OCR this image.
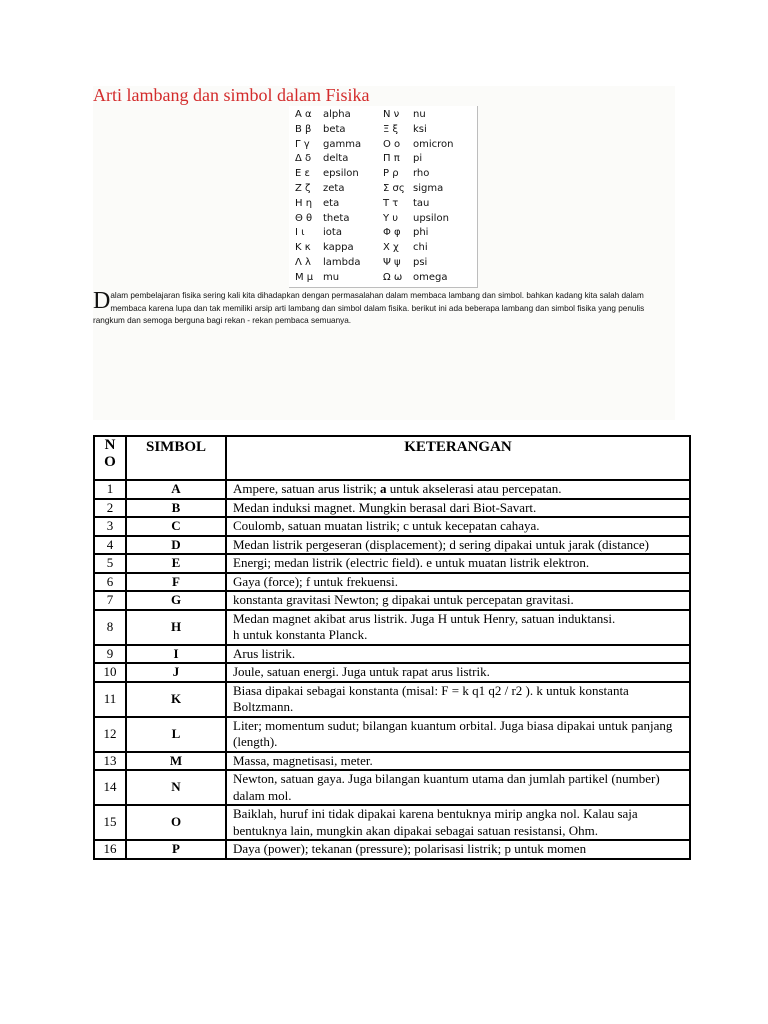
Arti lambang dan simbol dalam Fisika
Α α alpha	Ν ν nu
Β β beta	Ξ ξ ksi
Γ γ gamma Ο ο omicron
Δ δ delta	Π π pi
Ε ε epsilon Ρ ρ rho
Ζ ζ zeta	Σ σς sigma
Η η eta	Τ τ tau
Θ θ theta	Υ υ upsilon
Ι ι iota	Φ φ phi
Κ κ kappa	Χ χ chi
Λ λ lambda Ψ ψ psi
Μ μ mu	Ω ω omega
Dalam pembelajaran fisika sering kali kita dihadapkan dengan permasalahan dalam membaca lambang dan simbol. bahkan kadang kita salah dalam membaca karena lupa dan tak memiliki arsip arti lambang dan simbol dalam fisika. berikut ini ada beberapa lambang dan simbol fisika yang penulis rangkum dan semoga berguna bagi rekan - rekan pembaca semuanya.
N
O	SIMBOL	KETERANGAN
1	A	Ampere, satuan arus listrik; a untuk akselerasi atau percepatan.
2	B	Medan induksi magnet. Mungkin berasal dari Biot-Savart.
3	C	Coulomb, satuan muatan listrik; c untuk kecepatan cahaya.
4	D	Medan listrik pergeseran (displacement); d sering dipakai untuk jarak (distance)
5	E	Energi; medan listrik (electric field). e untuk muatan listrik elektron.
6	F	Gaya (force); f untuk frekuensi.
7	G	konstanta gravitasi Newton; g dipakai untuk percepatan gravitasi.
8	H	Medan magnet akibat arus listrik. Juga H untuk Henry, satuan induktansi.
h untuk konstanta Planck.
9	I	Arus listrik.
10	J	Joule, satuan energi. Juga untuk rapat arus listrik.
11	K	Biasa dipakai sebagai konstanta (misal: F = k q1 q2 / r2 ). k untuk konstanta Boltzmann.
12	L	Liter; momentum sudut; bilangan kuantum orbital. Juga biasa dipakai untuk panjang (length).
13	M	Massa, magnetisasi, meter.
14	N	Newton, satuan gaya. Juga bilangan kuantum utama dan jumlah partikel (number) dalam mol.
15	O	Baiklah, huruf ini tidak dipakai karena bentuknya mirip angka nol. Kalau saja bentuknya lain, mungkin akan dipakai sebagai satuan resistansi, Ohm.
16	P	Daya (power); tekanan (pressure); polarisasi listrik; p untuk momen
